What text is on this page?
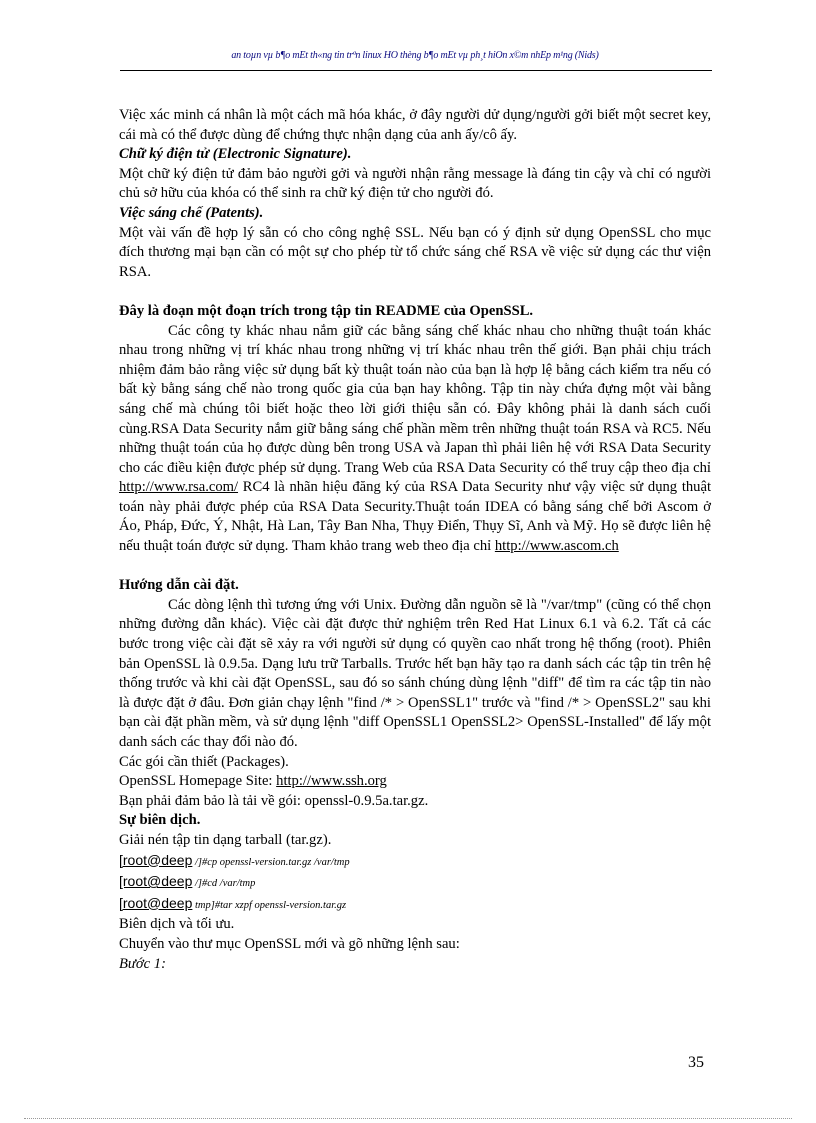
an toµn vµ b¶o mËt th«ng tin trªn linux HÖ thèng b¶o mËt vµ ph¸t hiÖn x©m nhËp m¹ng (Nids)

Việc xác minh cá nhân là một cách mã hóa khác, ở đây người dử dụng/người gởi biết một secret key, cái mà có thể được dùng để chứng thực nhận dạng của anh ấy/cô ấy.

Chữ ký điện tử (Electronic Signature).

Một chữ ký điện tử đảm bảo người gởi và người nhận rằng message là đáng tin cậy và chỉ có người chủ sở hữu của khóa có thể sinh ra chữ ký điện tử cho người đó.

Việc sáng chế (Patents).

Một vài vấn đề hợp lý sẵn có cho công nghệ SSL. Nếu bạn có ý định sử dụng OpenSSL cho mục đích thương mại bạn cần có một sự cho phép từ tổ chức sáng chế RSA về việc sử dụng các thư viện RSA.

Đây là đoạn một đoạn trích trong tập tin README của OpenSSL.

Các công ty khác nhau nắm giữ các bằng sáng chế khác nhau cho những thuật toán khác nhau trong những vị trí khác nhau trong những vị trí khác nhau trên thế giới. Bạn phải chịu trách nhiệm đảm bảo rằng việc sử dụng bất kỳ thuật toán nào của bạn là hợp lệ bằng cách kiểm tra nếu có bất kỳ bằng sáng chế nào trong quốc gia của bạn hay không. Tập tin này chứa đựng một vài bằng sáng chế mà chúng tôi biết hoặc theo lời giới thiệu sẵn có. Đây không phải là danh sách cuối cùng.RSA Data Security nắm giữ bằng sáng chế phần mềm trên những thuật toán RSA và RC5. Nếu những thuật toán của họ được dùng bên trong USA và Japan thì phải liên hệ với RSA Data Security cho các điều kiện được phép sử dụng. Trang Web của RSA Data Security có thể truy cập theo địa chỉ http://www.rsa.com/ RC4 là nhãn hiệu đăng ký của RSA Data Security như vậy việc sử dụng thuật toán này phải được phép của RSA Data Security.Thuật toán IDEA có bằng sáng chế bởi Ascom ở Áo, Pháp, Đức, Ý, Nhật, Hà Lan, Tây Ban Nha, Thụy Điển, Thụy Sĩ, Anh và Mỹ. Họ sẽ được liên hệ nếu thuật toán được sử dụng. Tham khảo trang web theo địa chỉ http://www.ascom.ch

Hướng dẫn cài đặt.

Các dòng lệnh thì tương ứng với Unix. Đường dẫn nguồn sẽ là "/var/tmp" (cũng có thể chọn những đường dẫn khác). Việc cài đặt được thử nghiệm trên Red Hat Linux 6.1 và 6.2. Tất cả các bước trong việc cài đặt sẽ xảy ra với người sử dụng có quyền cao nhất trong hệ thống (root). Phiên bản OpenSSL là 0.9.5a. Dạng lưu trữ Tarballs. Trước hết bạn hãy tạo ra danh sách các tập tin trên hệ thống trước và khi cài đặt OpenSSL, sau đó so sánh chúng dùng lệnh "diff" để tìm ra các tập tin nào là được đặt ở đâu. Đơn giản chạy lệnh "find /* > OpenSSL1" trước và "find /* > OpenSSL2" sau khi bạn cài đặt phần mềm, và sử dụng lệnh "diff OpenSSL1 OpenSSL2> OpenSSL-Installed" để lấy một danh sách các thay đổi nào đó.

Các gói cần thiết (Packages).

OpenSSL Homepage Site: http://www.ssh.org

Bạn phải đảm bảo là tải về gói: openssl-0.9.5a.tar.gz.

Sự biên dịch.

Giải nén tập tin dạng tarball (tar.gz).

[root@deep /]#cp openssl-version.tar.gz /var/tmp

[root@deep /]#cd /var/tmp

[root@deep tmp]#tar xzpf openssl-version.tar.gz

Biên dịch và tối ưu.

Chuyển vào thư mục OpenSSL mới và gõ những lệnh sau:

Bước 1:

35
